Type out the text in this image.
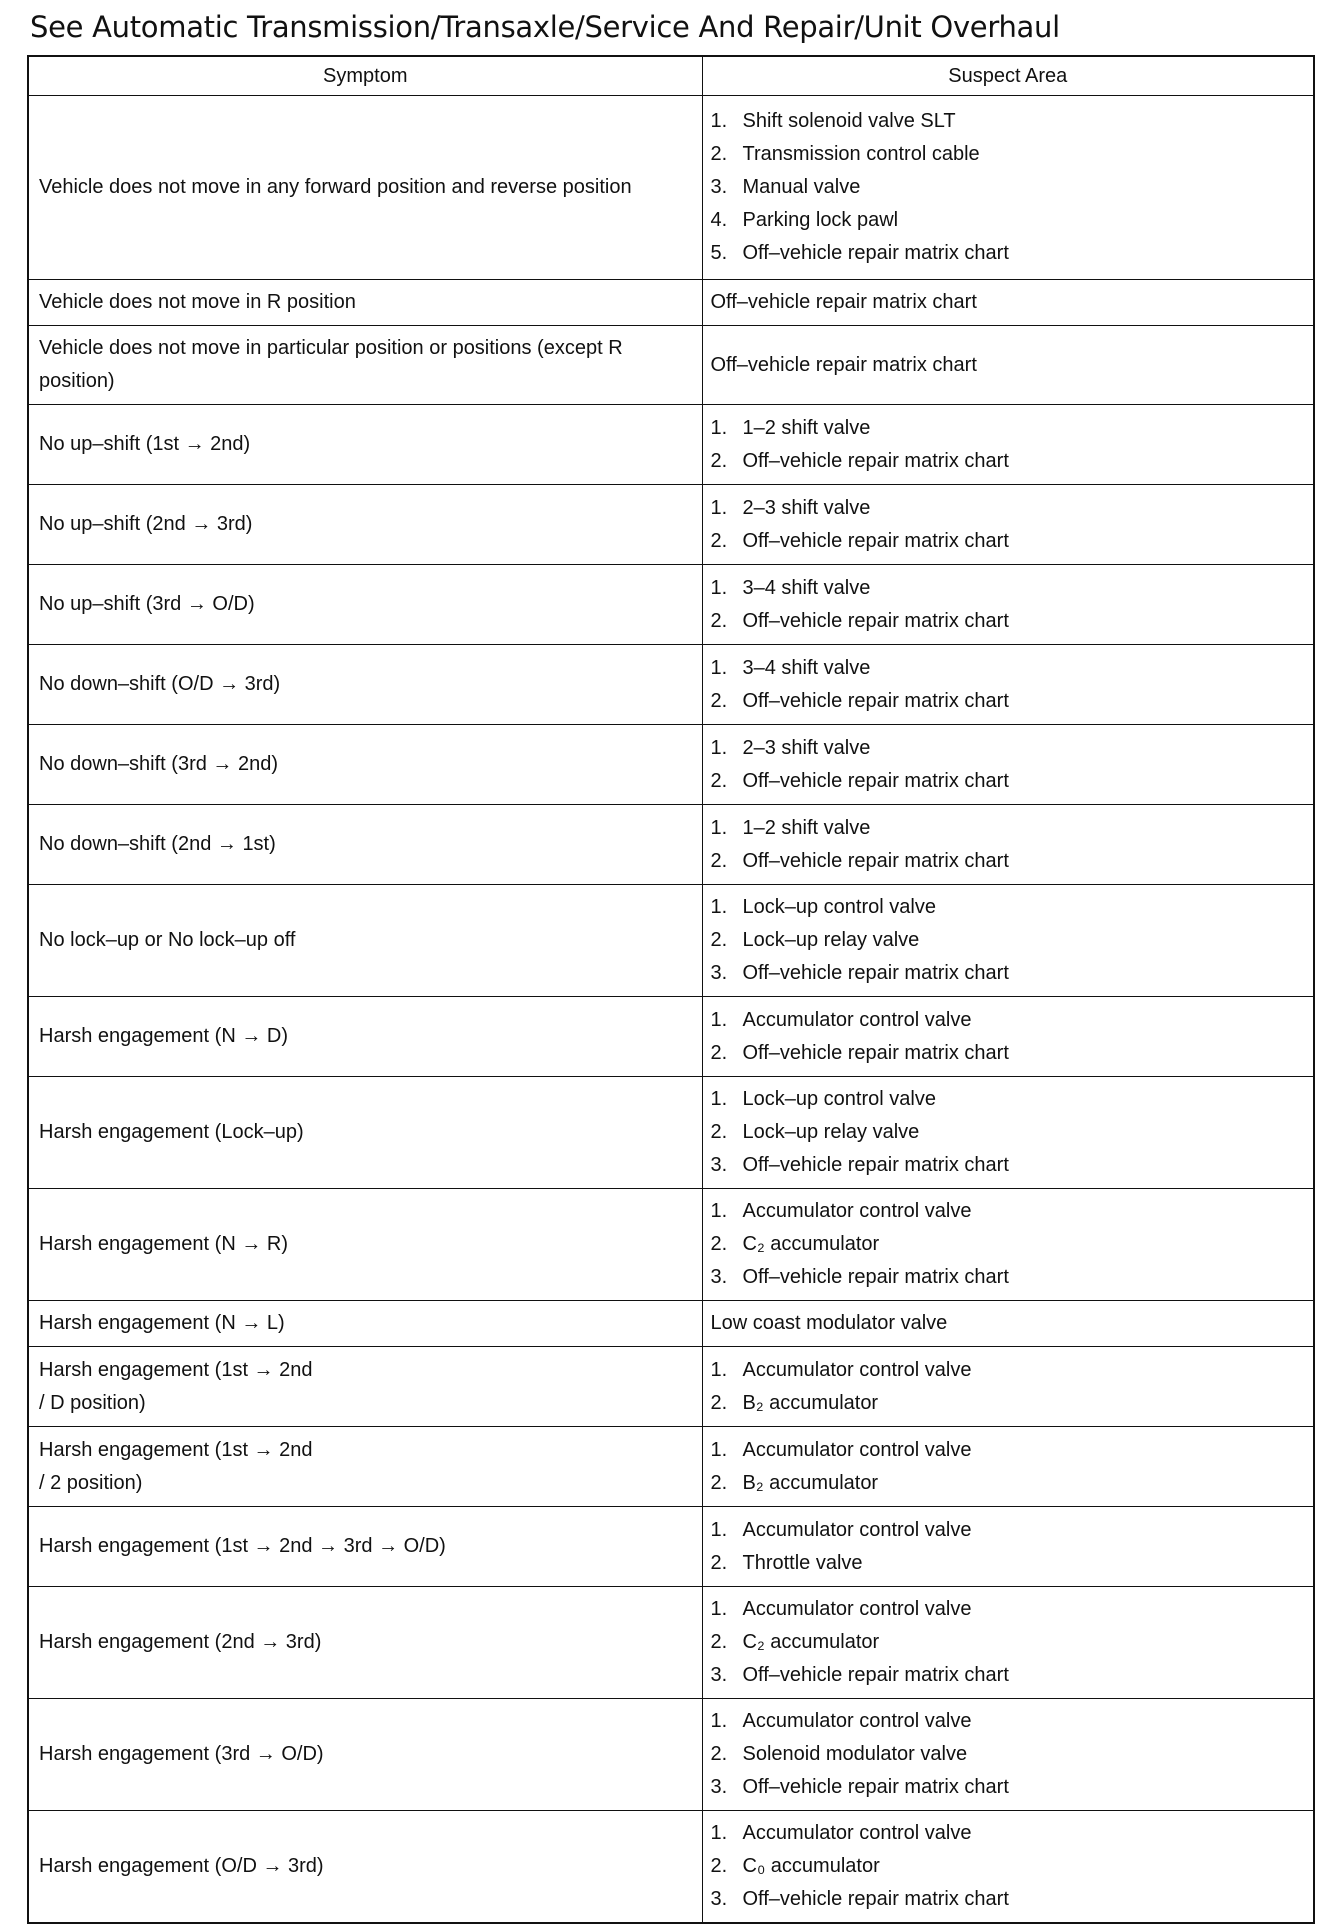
See Automatic Transmission/Transaxle/Service And Repair/Unit Overhaul
Symptom	Suspect Area
Vehicle does not move in any forward position and reverse position	1. Shift solenoid valve SLT
2. Transmission control cable
3. Manual valve
4. Parking lock pawl
5. Off–vehicle repair matrix chart

Vehicle does not move in R position	Off–vehicle repair matrix chart

Vehicle does not move in particular position or positions (except R position)	Off–vehicle repair matrix chart

No up–shift (1st → 2nd)	1. 1–2 shift valve
2. Off–vehicle repair matrix chart

No up–shift (2nd → 3rd)	1. 2–3 shift valve
2. Off–vehicle repair matrix chart

No up–shift (3rd → O/D)	1. 3–4 shift valve
2. Off–vehicle repair matrix chart

No down–shift (O/D → 3rd)	1. 3–4 shift valve
2. Off–vehicle repair matrix chart

No down–shift (3rd → 2nd)	1. 2–3 shift valve
2. Off–vehicle repair matrix chart

No down–shift (2nd → 1st)	1. 1–2 shift valve
2. Off–vehicle repair matrix chart

No lock–up or No lock–up off	1. Lock–up control valve
2. Lock–up relay valve
3. Off–vehicle repair matrix chart

Harsh engagement (N → D)	1. Accumulator control valve
2. Off–vehicle repair matrix chart

Harsh engagement (Lock–up)	1. Lock–up control valve
2. Lock–up relay valve
3. Off–vehicle repair matrix chart

Harsh engagement (N → R)	1. Accumulator control valve
2. C₂ accumulator
3. Off–vehicle repair matrix chart

Harsh engagement (N → L)	Low coast modulator valve

Harsh engagement (1st → 2nd / D position)	1. Accumulator control valve
2. B₂ accumulator

Harsh engagement (1st → 2nd / 2 position)	1. Accumulator control valve
2. B₂ accumulator

Harsh engagement (1st → 2nd → 3rd → O/D)	1. Accumulator control valve
2. Throttle valve

Harsh engagement (2nd → 3rd)	1. Accumulator control valve
2. C₂ accumulator
3. Off–vehicle repair matrix chart

Harsh engagement (3rd → O/D)	1. Accumulator control valve
2. Solenoid modulator valve
3. Off–vehicle repair matrix chart

Harsh engagement (O/D → 3rd)	1. Accumulator control valve
2. C₀ accumulator
3. Off–vehicle repair matrix chart
